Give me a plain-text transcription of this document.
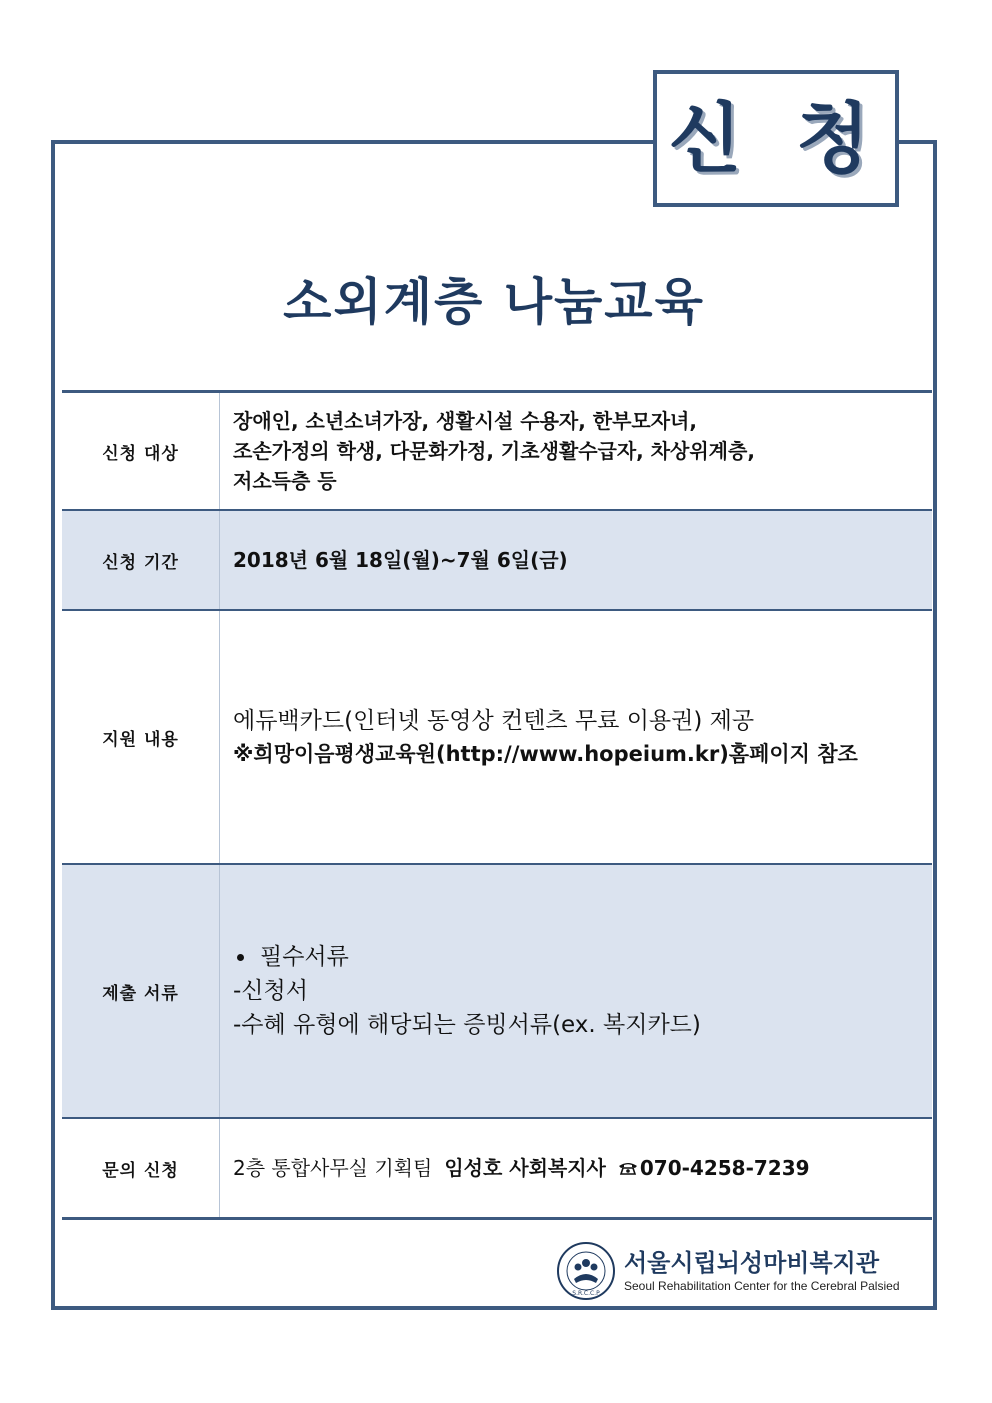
신 청
소외계층 나눔교육
신청 대상
장애인, 소년소녀가장, 생활시설 수용자, 한부모자녀,
조손가정의 학생, 다문화가정, 기초생활수급자, 차상위계층,
저소득층 등
신청 기간	2018년 6월 18일(월)~7월 6일(금)
지원 내용
에듀백카드(인터넷 동영상 컨텐츠 무료 이용권) 제공
※희망이음평생교육원(http://www.hopeium.kr)홈페이지 참조
제출 서류
필수서류
-신청서
-수혜 유형에 해당되는 증빙서류(ex. 복지카드)
문의 신청	2층 통합사무실 기획팀 임성호 사회복지사 070-4258-7239
S.R.C.C.P
서울시립뇌성마비복지관
Seoul Rehabilitation Center for the Cerebral Palsied
